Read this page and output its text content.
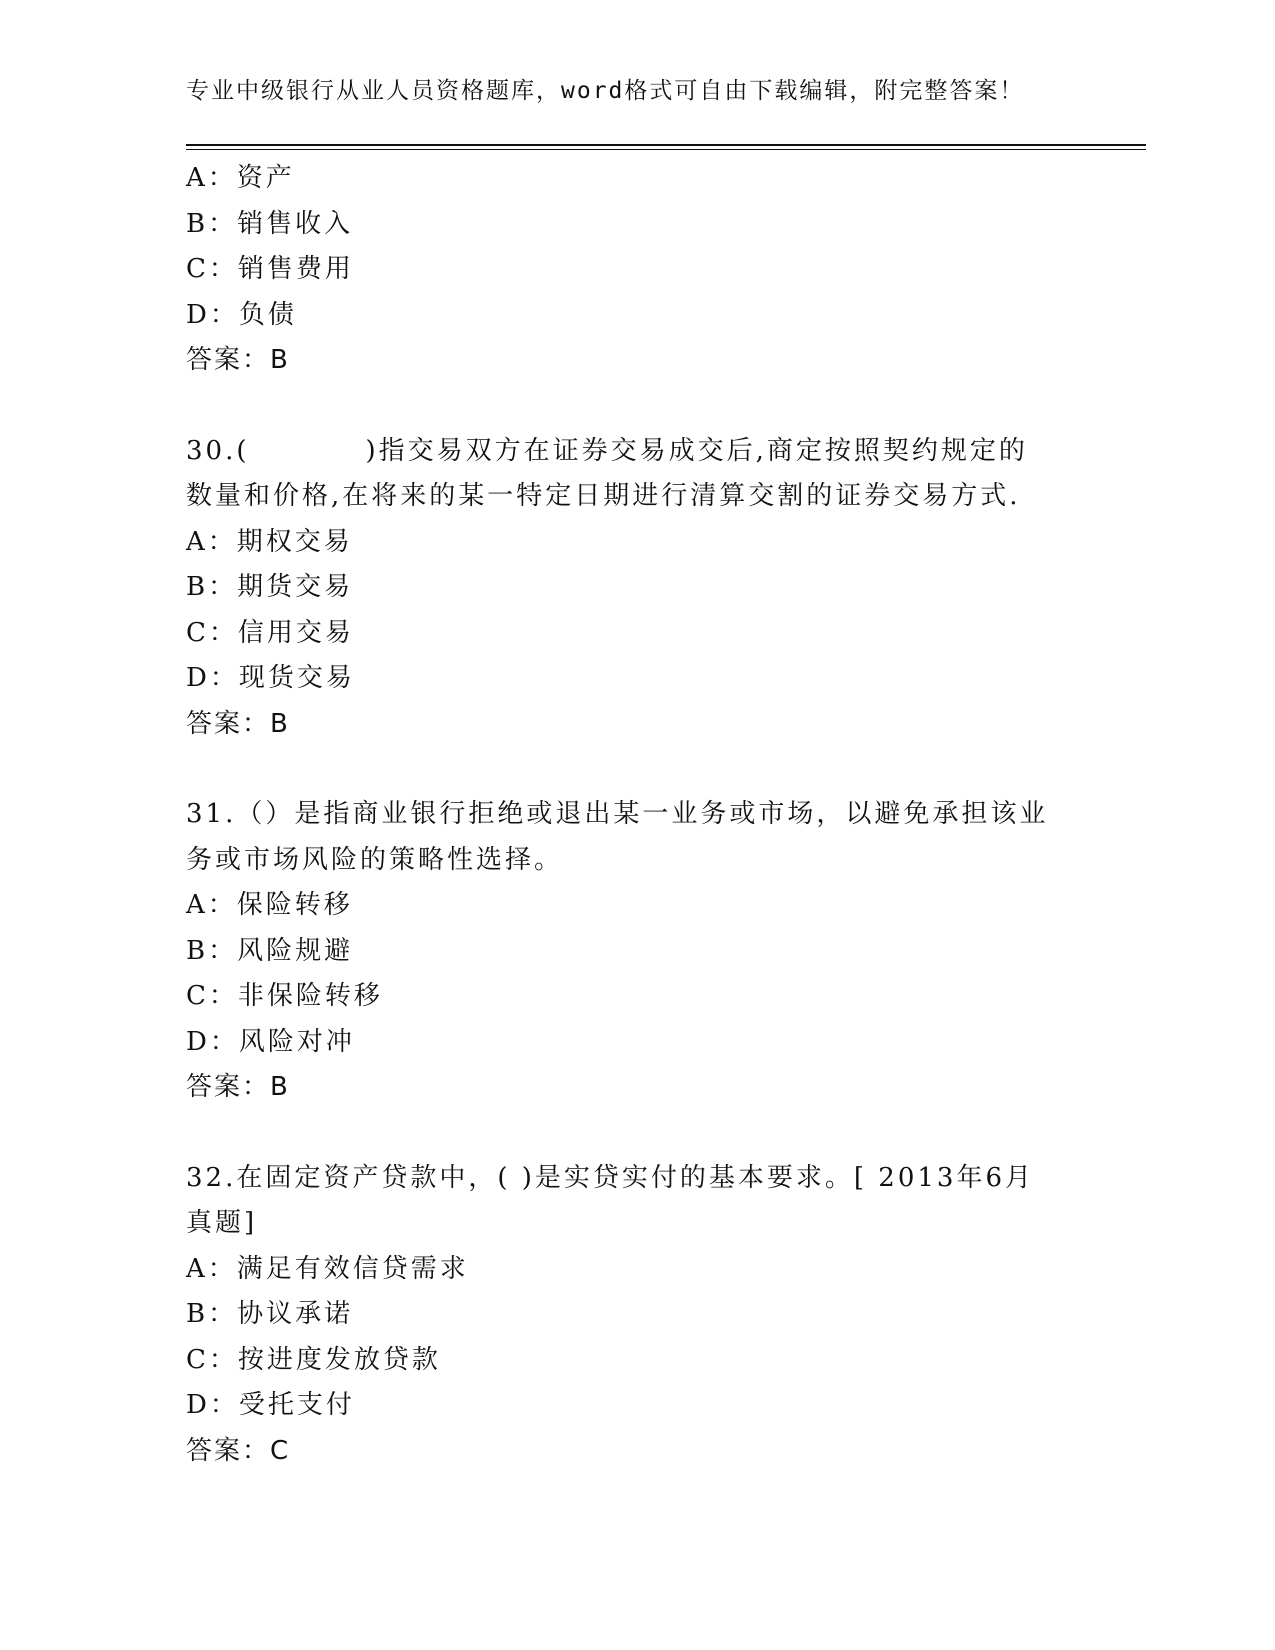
专业中级银行从业人员资格题库，word格式可自由下载编辑，附完整答案！
A：资产
B：销售收入
C：销售费用
D：负债
答案：B
30.(　　　　)指交易双方在证券交易成交后,商定按照契约规定的数量和价格,在将来的某一特定日期进行清算交割的证券交易方式.
A：期权交易
B：期货交易
C：信用交易
D：现货交易
答案：B
31.（）是指商业银行拒绝或退出某一业务或市场，以避免承担该业务或市场风险的策略性选择。
A：保险转移
B：风险规避
C：非保险转移
D：风险对冲
答案：B
32.在固定资产贷款中，( )是实贷实付的基本要求。[ 2013年6月真题]
A：满足有效信贷需求
B：协议承诺
C：按进度发放贷款
D：受托支付
答案：C
